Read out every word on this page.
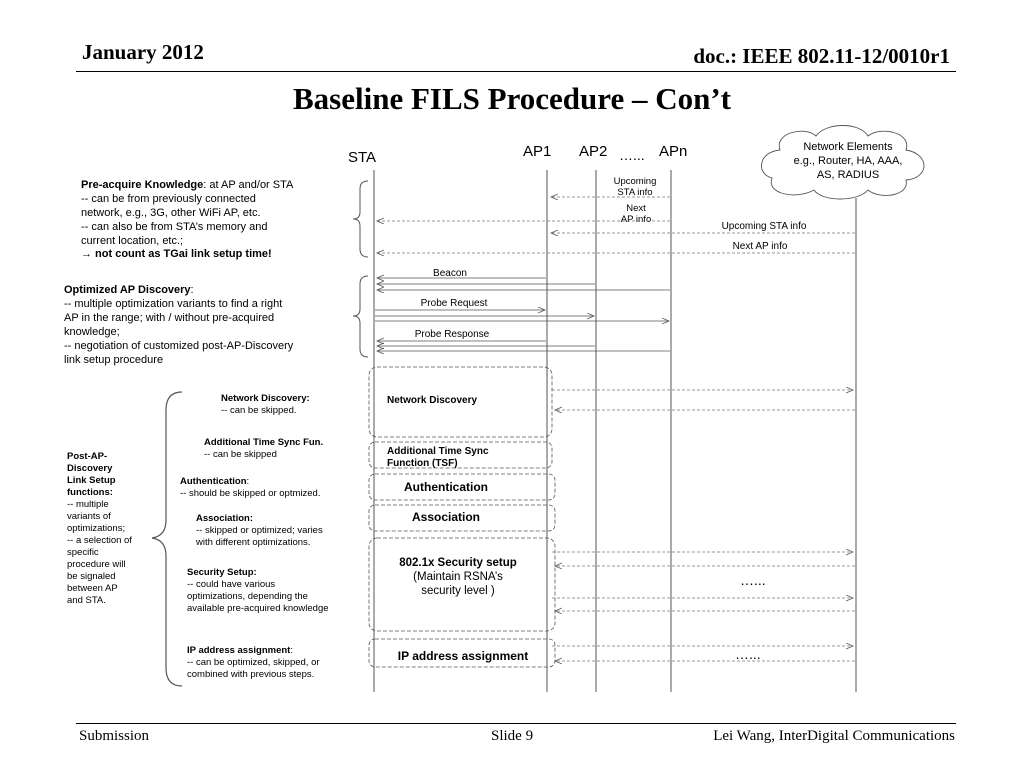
January 2012	doc.: IEEE 802.11-12/0010r1
Baseline FILS Procedure – Con’t
STA	AP1 AP2 …... APn	Network Elements
e.g., Router, HA, AAA,
AS, RADIUS
Upcoming
STA info
Next
AP info
Upcoming STA info
Next AP info
Beacon
Probe Request
Probe Response
Network Discovery
Additional Time Sync
Function (TSF)
Authentication
Association
802.1x Security setup
(Maintain RSNA’s
security level )
…...
IP address assignment	…...
Pre-acquire Knowledge: at AP and/or STA
-- can be from previously connected
network, e.g., 3G, other WiFi AP, etc.
-- can also be from STA’s memory and
current location, etc.;
→ not count as TGai link setup time!
Optimized AP Discovery:
-- multiple optimization variants to find a right
AP in the range; with / without pre-acquired
knowledge;
-- negotiation of customized post-AP-Discovery
link setup procedure
Post-AP-
Discovery
Link Setup
functions:
-- multiple
variants of
optimizations;
-- a selection of
specific
procedure will
be signaled
between AP
and STA.
Network Discovery:
-- can be skipped.
Additional Time Sync Fun.
-- can be skipped
Authentication:
-- should be skipped or optmized.
Association:
-- skipped or optimized; varies
with different optimizations.
Security Setup:
-- could have various
optimizations, depending the
available pre-acquired knowledge
IP address assignment:
-- can be optimized, skipped, or
combined with previous steps.
Submission	Slide 9	Lei Wang, InterDigital Communications
